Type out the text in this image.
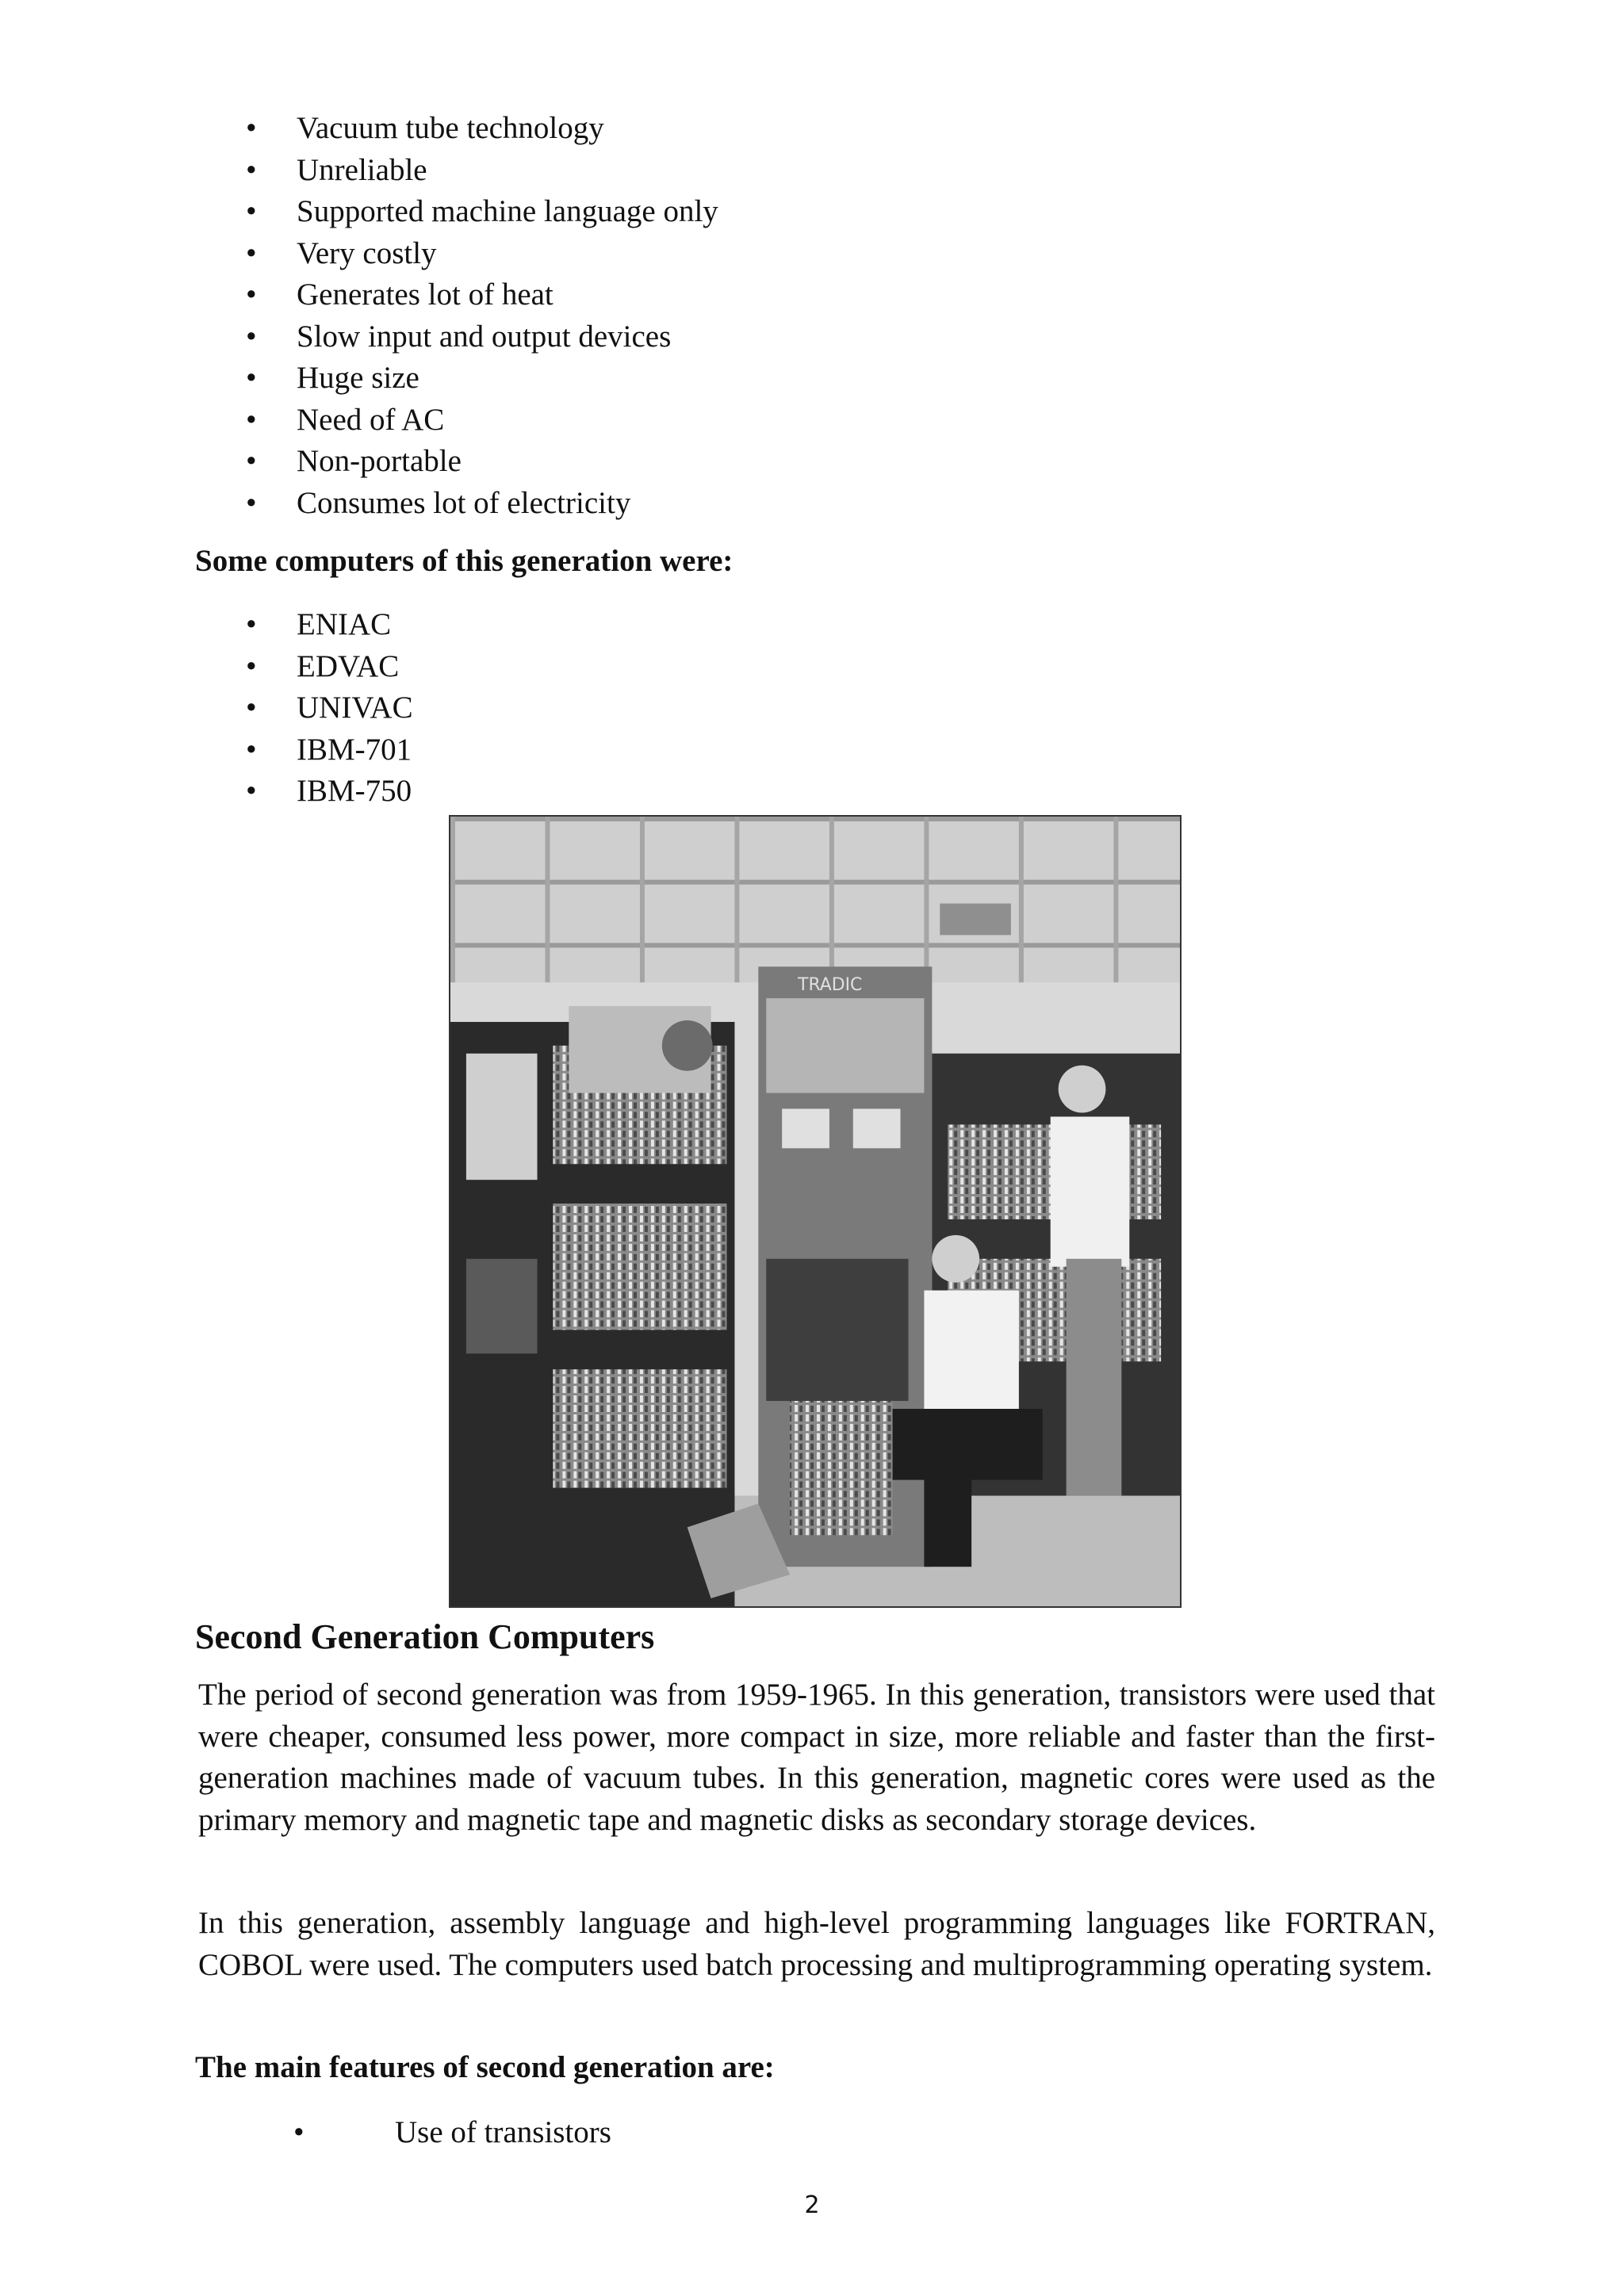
•	Vacuum tube technology
•	Unreliable
•	Supported machine language only
•	Very costly
•	Generates lot of heat
•	Slow input and output devices
•	Huge size
•	Need of AC
•	Non-portable
•	Consumes lot of electricity
Some computers of this generation were:
•	ENIAC
•	EDVAC
•	UNIVAC
•	IBM-701
•	IBM-750
TRADIC
Second Generation Computers

The period of second generation was from 1959-1965. In this generation, transistors were used that were cheaper, consumed less power, more compact in size, more reliable and faster than the first-generation machines made of vacuum tubes. In this generation, magnetic cores were used as the primary memory and magnetic tape and magnetic disks as secondary storage devices.

In this generation, assembly language and high-level programming languages like FORTRAN, COBOL were used. The computers used batch processing and multiprogramming operating system.

The main features of second generation are:
•	Use of transistors
2
